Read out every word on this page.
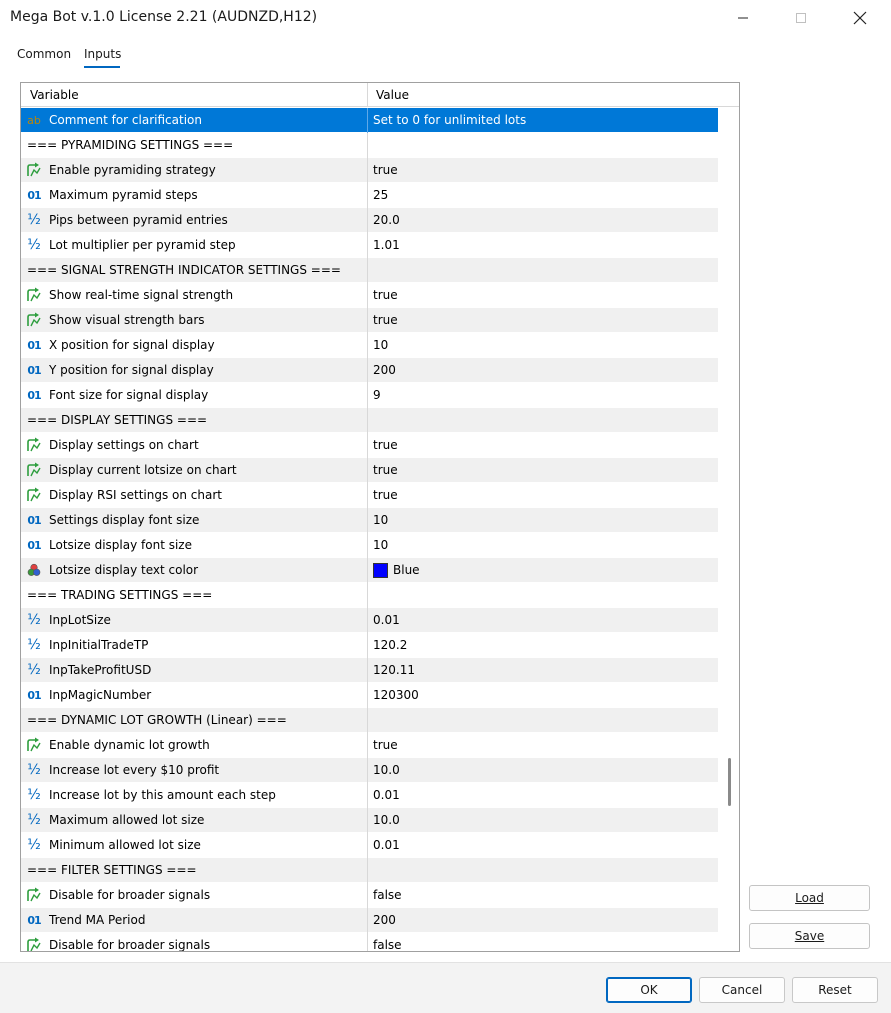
Mega Bot v.1.0 License 2.21 (AUDNZD,H12)
Common Inputs
Variable	Value
ab Comment for clarification	Set to 0 for unlimited lots
=== PYRAMIDING SETTINGS ===
Enable pyramiding strategy	true
01 Maximum pyramid steps	25
½ Pips between pyramid entries	20.0
½ Lot multiplier per pyramid step	1.01
=== SIGNAL STRENGTH INDICATOR SETTINGS ===
Show real-time signal strength	true
Show visual strength bars	true
01 X position for signal display	10
01 Y position for signal display	200
01 Font size for signal display	9
=== DISPLAY SETTINGS ===
Display settings on chart	true
Display current lotsize on chart	true
Display RSI settings on chart	true
01 Settings display font size	10
01 Lotsize display font size	10
Lotsize display text color	Blue
=== TRADING SETTINGS ===
½ InpLotSize	0.01
½ InpInitialTradeTP	120.2
½ InpTakeProfitUSD	120.11
01 InpMagicNumber	120300
=== DYNAMIC LOT GROWTH (Linear) ===
Enable dynamic lot growth	true
½ Increase lot every $10 profit	10.0
½ Increase lot by this amount each step	0.01
½ Maximum allowed lot size	10.0
½ Minimum allowed lot size	0.01
=== FILTER SETTINGS ===
Disable for broader signals	false
01 Trend MA Period	200
Disable for broader signals	false
Load
Save
OK	Cancel	Reset
